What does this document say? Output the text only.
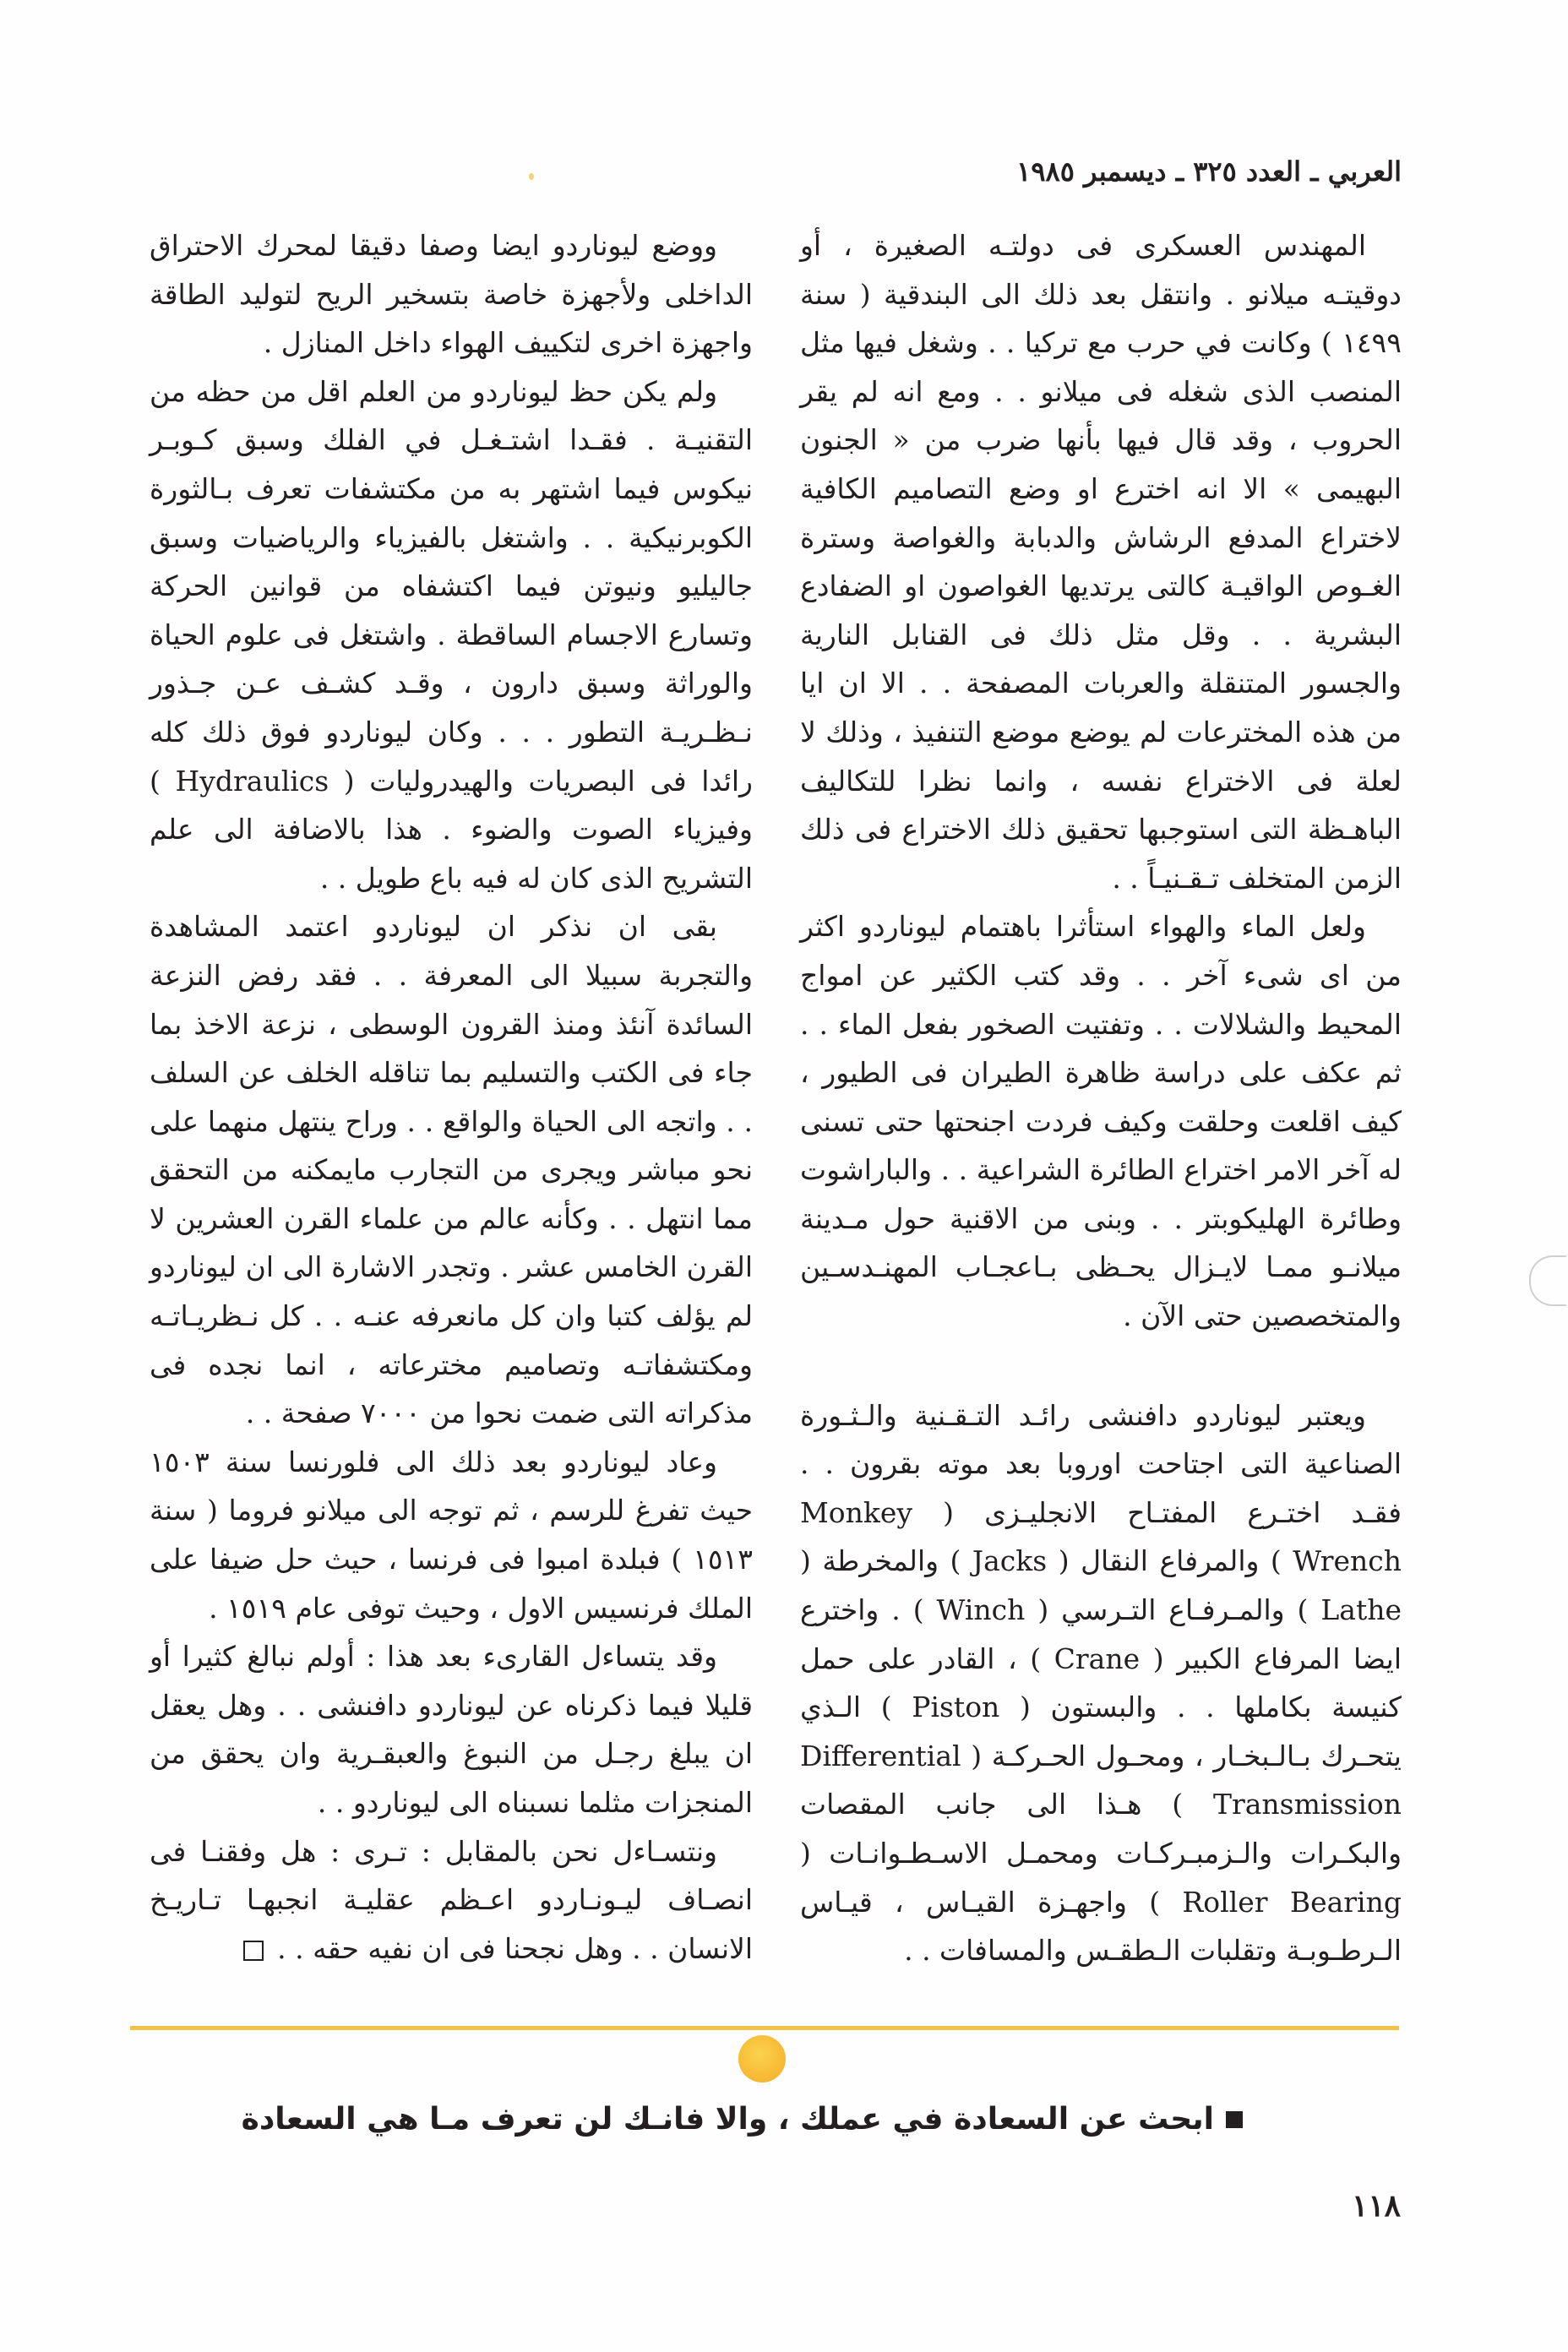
العربي ـ العدد ٣٢٥ ـ ديسمبر ١٩٨٥

المهندس العسكرى فى دولتـه الصغيرة ، أو دوقيتـه ميلانو . وانتقل بعد ذلك الى البندقية ( سنة ١٤٩٩ ) وكانت في حرب مع تركيا . . وشغل فيها مثل المنصب الذى شغله فى ميلانو . . ومع انه لم يقر الحروب ، وقد قال فيها بأنها ضرب من « الجنون البهيمى » الا انه اخترع او وضع التصاميم الكافية لاختراع المدفع الرشاش والدبابة والغواصة وسترة الغـوص الواقيـة كالتى يرتديها الغواصون او الضفادع البشرية . . وقل مثل ذلك فى القنابل النارية والجسور المتنقلة والعربات المصفحة . . الا ان ايا من هذه المخترعات لم يوضع موضع التنفيذ ، وذلك لا لعلة فى الاختراع نفسه ، وانما نظرا للتكاليف الباهـظة التى استوجبها تحقيق ذلك الاختراع فى ذلك الزمن المتخلف تـقـنيـاً . .

ولعل الماء والهواء استأثرا باهتمام ليوناردو اكثر من اى شىء آخر . . وقد كتب الكثير عن امواج المحيط والشلالات . . وتفتيت الصخور بفعل الماء . . ثم عكف على دراسة ظاهرة الطيران فى الطيور ، كيف اقلعت وحلقت وكيف فردت اجنحتها حتى تسنى له آخر الامر اختراع الطائرة الشراعية . . والباراشوت وطائرة الهليكوبتر . . وبنى من الاقنية حول مـدينة ميلانـو ممـا لايـزال يحـظى بـاعجـاب المهنـدسـين والمتخصصين حتى الآن .

ويعتبر ليوناردو دافنشى رائـد التـقـنية والـثـورة الصناعية التى اجتاحت اوروبا بعد موته بقرون . . فقـد اختـرع المفتـاح الانجليـزى ( Monkey Wrench ) والمرفاع النقال ( Jacks ) والمخرطة ( Lathe ) والمـرفـاع التـرسي ( Winch ) . واخترع ايضا المرفاع الكبير ( Crane ) ، القادر على حمل كنيسة بكاملها . . والبستون ( Piston ) الـذي يتحـرك بـالـبخـار ، ومحـول الحـركـة ( Differential Transmission ) هـذا الى جانب المقصات والبكـرات والـزمبـركـات ومحمـل الاسـطـوانـات ( Roller Bearing ) واجهـزة القيـاس ، قيـاس الـرطـوبـة وتقلبات الـطقـس والمسافات . .

ووضع ليوناردو ايضا وصفا دقيقا لمحرك الاحتراق الداخلى ولأجهزة خاصة بتسخير الريح لتوليد الطاقة واجهزة اخرى لتكييف الهواء داخل المنازل .

ولم يكن حظ ليوناردو من العلم اقل من حظه من التقنيـة . فقـدا اشتـغـل في الفلك وسبق كـوبـر نيكوس فيما اشتهر به من مكتشفات تعرف بـالثورة الكوبرنيكية . . واشتغل بالفيزياء والرياضيات وسبق جاليليو ونيوتن فيما اكتشفاه من قوانين الحركة وتسارع الاجسام الساقطة . واشتغل فى علوم الحياة والوراثة وسبق دارون ، وقـد كشـف عـن جـذور نـظـريـة التطور . . . وكان ليوناردو فوق ذلك كله رائدا فى البصريات والهيدروليات ( Hydraulics ) وفيزياء الصوت والضوء . هذا بالاضافة الى علم التشريح الذى كان له فيه باع طويل . .

بقى ان نذكر ان ليوناردو اعتمد المشاهدة والتجربة سبيلا الى المعرفة . . فقد رفض النزعة السائدة آنئذ ومنذ القرون الوسطى ، نزعة الاخذ بما جاء فى الكتب والتسليم بما تناقله الخلف عن السلف . . واتجه الى الحياة والواقع . . وراح ينتهل منهما على نحو مباشر ويجرى من التجارب مايمكنه من التحقق مما انتهل . . وكأنه عالم من علماء القرن العشرين لا القرن الخامس عشر . وتجدر الاشارة الى ان ليوناردو لم يؤلف كتبا وان كل مانعرفه عنـه . . كل نـظريـاتـه ومكتشفاتـه وتصاميم مخترعاته ، انما نجده فى مذكراته التى ضمت نحوا من ٧٠٠٠ صفحة . .

وعاد ليوناردو بعد ذلك الى فلورنسا سنة ١٥٠٣ حيث تفرغ للرسم ، ثم توجه الى ميلانو فروما ( سنة ١٥١٣ ) فبلدة امبوا فى فرنسا ، حيث حل ضيفا على الملك فرنسيس الاول ، وحيث توفى عام ١٥١٩ .

وقد يتساءل القارىء بعد هذا : أولم نبالغ كثيرا أو قليلا فيما ذكرناه عن ليوناردو دافنشى . . وهل يعقل ان يبلغ رجـل من النبوغ والعبقـرية وان يحقق من المنجزات مثلما نسبناه الى ليوناردو . .

ونتسـاءل نحن بالمقابل : تـرى : هل وفقنـا فى انصـاف ليـونـاردو اعـظم عقليـة انجبهـا تـاريـخ الانسان . . وهل نجحنا فى ان نفيه حقه . .

ابحث عن السعادة في عملك ، والا فانـك لن تعرف مـا هي السعادة
١١٨
